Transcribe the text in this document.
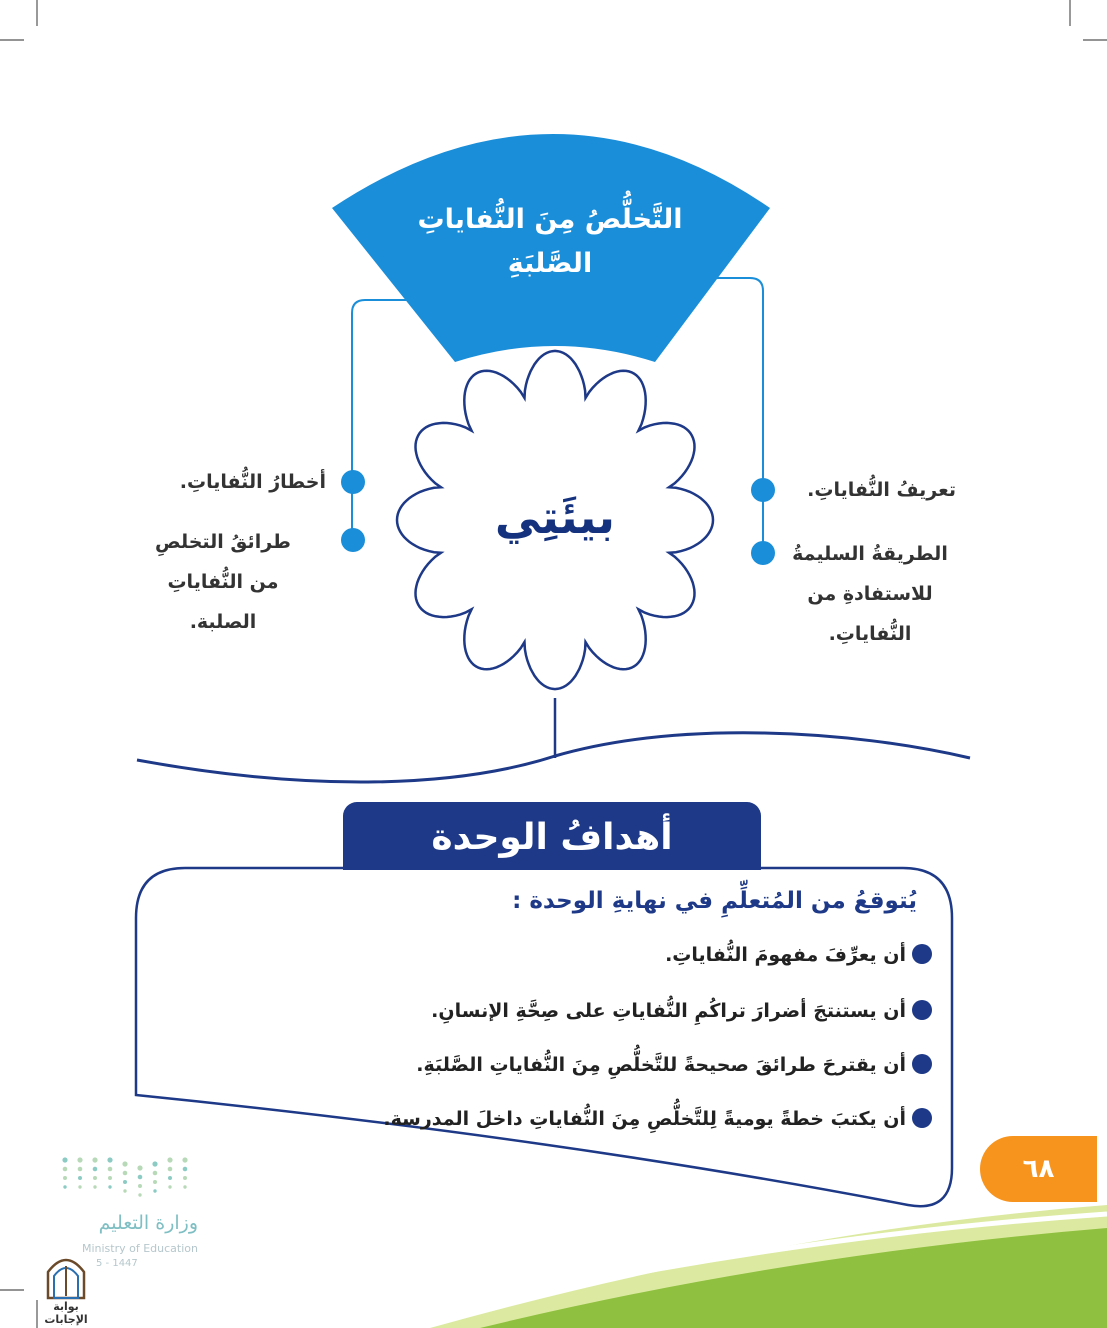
التَّخلُّصُ مِنَ النُّفاياتِ
الصَّلبَةِ
بيئَتِي
أخطارُ النُّفاياتِ.
طرائقُ التخلصِ
من النُّفاياتِ
الصلبة.
تعريفُ النُّفاياتِ.
الطريقةُ السليمةُ
للاستفادةِ من
النُّفاياتِ.
أهدافُ الوحدة
يُتوقعُ من المُتعلِّمِ في نهايةِ الوحدة :
أن يعرِّفَ مفهومَ النُّفاياتِ.
أن يستنتجَ أضرارَ تراكُمِ النُّفاياتِ على صِحَّةِ الإنسانِ.
أن يقترحَ طرائقَ صحيحةً للتَّخلُّصِ مِنَ النُّفاياتِ الصَّلبَةِ.
أن يكتبَ خطةً يوميةً لِلتَّخلُّصِ مِنَ النُّفاياتِ داخلَ المدرسة.
٦٨
وزارة التعليم
Ministry of Education
5 - 1447
بوابة الإجابات
